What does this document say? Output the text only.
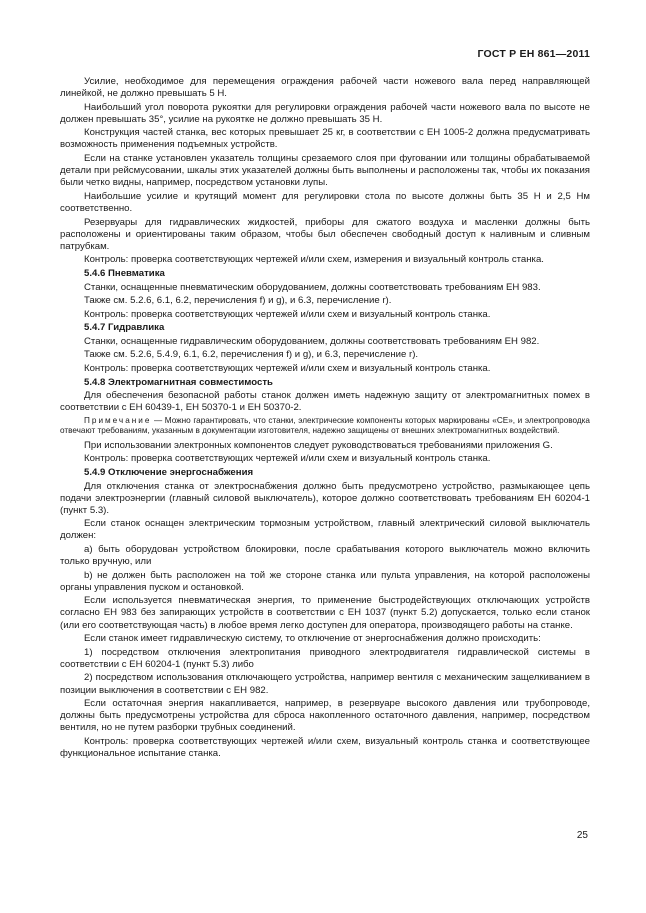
ГОСТ Р ЕН 861—2011

Усилие, необходимое для перемещения ограждения рабочей части ножевого вала перед направляющей линейкой, не должно превышать 5 Н.

Наибольший угол поворота рукоятки для регулировки ограждения рабочей части ножевого вала по высоте не должен превышать 35°, усилие на рукоятке не должно превышать 35 Н.

Конструкция частей станка, вес которых превышает 25 кг, в соответствии с ЕН 1005-2 должна предусматривать возможность применения подъемных устройств.

Если на станке установлен указатель толщины срезаемого слоя при фуговании или толщины обрабатываемой детали при рейсмусовании, шкалы этих указателей должны быть выполнены и расположены так, чтобы их показания были четко видны, например, посредством установки лупы.

Наибольшие усилие и крутящий момент для регулировки стола по высоте должны быть 35 Н и 2,5 Нм соответственно.

Резервуары для гидравлических жидкостей, приборы для сжатого воздуха и масленки должны быть расположены и ориентированы таким образом, чтобы был обеспечен свободный доступ к наливным и сливным патрубкам.

Контроль: проверка соответствующих чертежей и/или схем, измерения и визуальный контроль станка.

5.4.6 Пневматика

Станки, оснащенные пневматическим оборудованием, должны соответствовать требованиям ЕН 983.

Также см. 5.2.6, 6.1, 6.2, перечисления f) и g), и 6.3, перечисление r).

Контроль: проверка соответствующих чертежей и/или схем и визуальный контроль станка.

5.4.7 Гидравлика

Станки, оснащенные гидравлическим оборудованием, должны соответствовать требованиям ЕН 982.

Также см. 5.2.6, 5.4.9, 6.1, 6.2, перечисления f) и g), и 6.3, перечисление r).

Контроль: проверка соответствующих чертежей и/или схем и визуальный контроль станка.

5.4.8 Электромагнитная совместимость

Для обеспечения безопасной работы станок должен иметь надежную защиту от электромагнитных помех в соответствии с ЕН 60439-1, ЕН 50370-1 и ЕН 50370-2.

Примечание — Можно гарантировать, что станки, электрические компоненты которых маркированы «СЕ», и электропроводка отвечают требованиям, указанным в документации изготовителя, надежно защищены от внешних электромагнитных воздействий.

При использовании электронных компонентов следует руководствоваться требованиями приложения G.

Контроль: проверка соответствующих чертежей и/или схем и визуальный контроль станка.

5.4.9 Отключение энергоснабжения

Для отключения станка от электроснабжения должно быть предусмотрено устройство, размыкающее цепь подачи электроэнергии (главный силовой выключатель), которое должно соответствовать требованиям ЕН 60204-1 (пункт 5.3).

Если станок оснащен электрическим тормозным устройством, главный электрический силовой выключатель должен:

a) быть оборудован устройством блокировки, после срабатывания которого выключатель можно включить только вручную, или

b) не должен быть расположен на той же стороне станка или пульта управления, на которой расположены органы управления пуском и остановкой.

Если используется пневматическая энергия, то применение быстродействующих отключающих устройств согласно ЕН 983 без запирающих устройств в соответствии с ЕН 1037 (пункт 5.2) допускается, только если станок (или его соответствующая часть) в любое время легко доступен для оператора, производящего работы на станке.

Если станок имеет гидравлическую систему, то отключение от энергоснабжения должно происходить:

1) посредством отключения электропитания приводного электродвигателя гидравлической системы в соответствии с ЕН 60204-1 (пункт 5.3) либо

2) посредством использования отключающего устройства, например вентиля с механическим защелкиванием в позиции выключения в соответствии с ЕН 982.

Если остаточная энергия накапливается, например, в резервуаре высокого давления или трубопроводе, должны быть предусмотрены устройства для сброса накопленного остаточного давления, например, посредством вентиля, но не путем разборки трубных соединений.

Контроль: проверка соответствующих чертежей и/или схем, визуальный контроль станка и соответствующее функциональное испытание станка.

25
